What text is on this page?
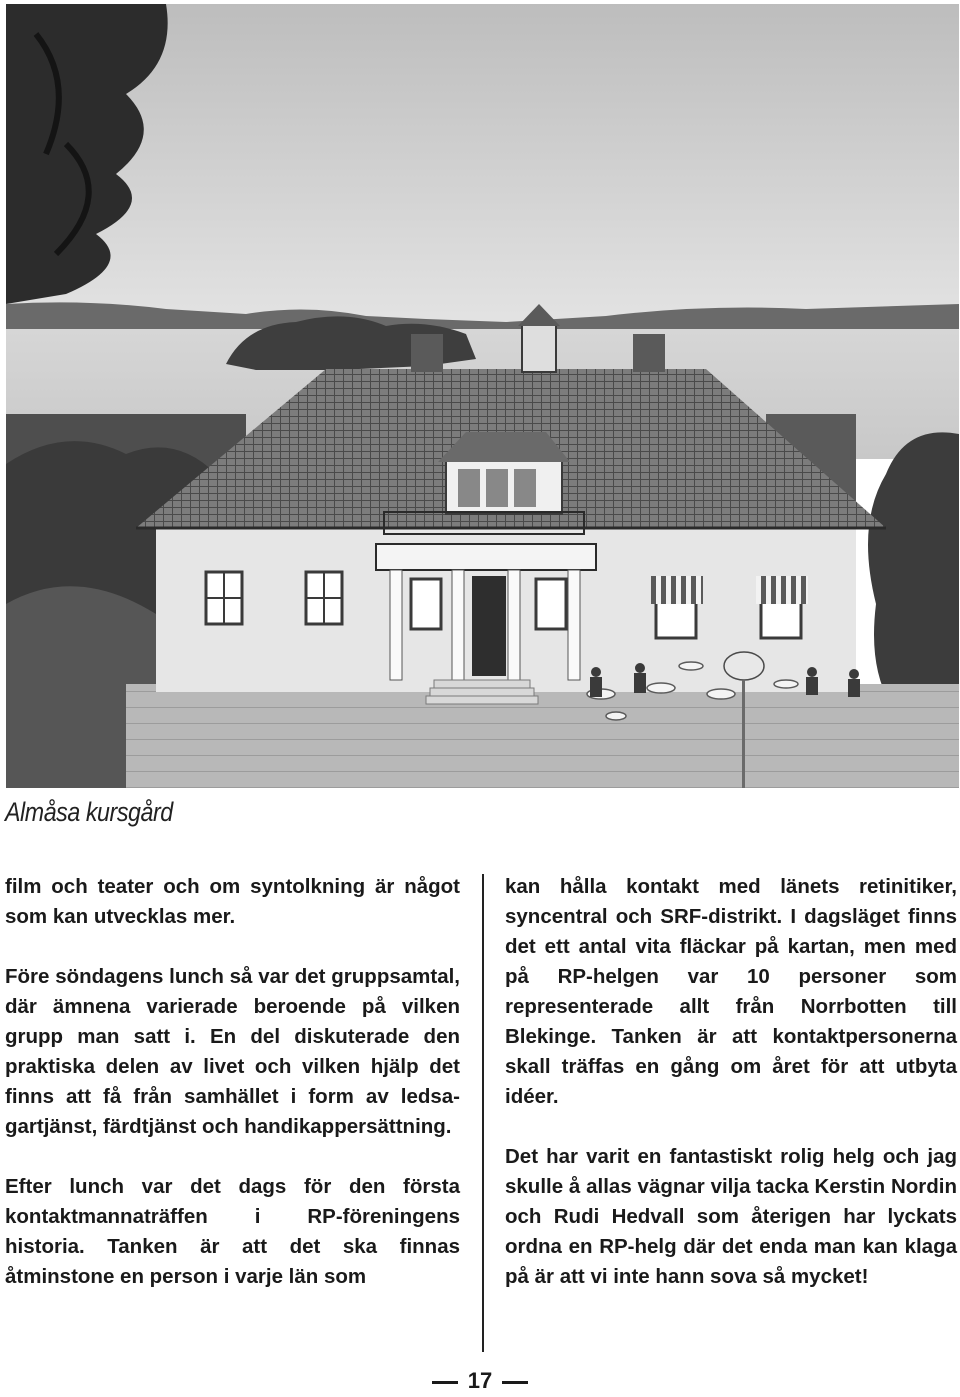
Almåsa kursgård

film och teater och om syntolkning är något som kan utvecklas mer.

Före söndagens lunch så var det gruppsamtal, där ämnena varierade beroende på vilken grupp man satt i. En del diskuterade den praktiska delen av livet och vilken hjälp det finns att få från samhället i form av ledsagartjänst, färdtjänst och handikappersättning.

Efter lunch var det dags för den första kontaktmannaträffen i RP-föreningens historia. Tanken är att det ska finnas åtminstone en person i varje län som

kan hålla kontakt med länets retinitiker, syncentral och SRF-distrikt. I dagsläget finns det ett antal vita fläckar på kartan, men med på RP-helgen var 10 personer som representerade allt från Norrbotten till Blekinge. Tanken är att kontaktpersonerna skall träffas en gång om året för att utbyta idéer.

Det har varit en fantastiskt rolig helg och jag skulle å allas vägnar vilja tacka Kerstin Nordin och Rudi Hedvall som återigen har lyckats ordna en RP-helg där det enda man kan klaga på är att vi inte hann sova så mycket!

17
